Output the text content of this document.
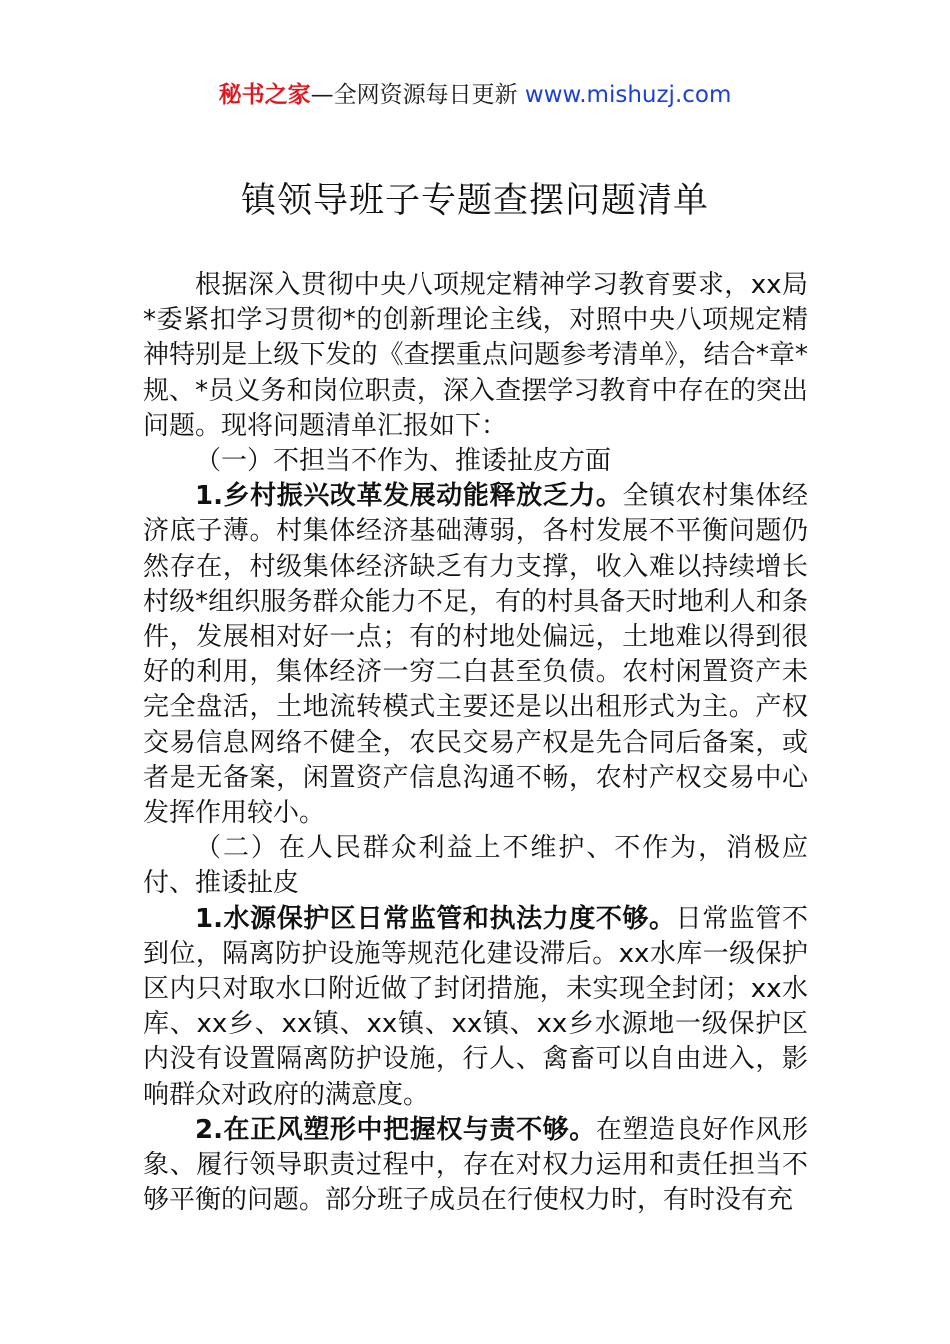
秘书之家—全网资源每日更新 www.mishuzj.com
镇领导班子专题查摆问题清单

根据深入贯彻中央八项规定精神学习教育要求，xx局*委紧扣学习贯彻*的创新理论主线，对照中央八项规定精神特别是上级下发的《查摆重点问题参考清单》，结合*章*规、*员义务和岗位职责，深入查摆学习教育中存在的突出问题。现将问题清单汇报如下：

（一）不担当不作为、推诿扯皮方面

1.乡村振兴改革发展动能释放乏力。全镇农村集体经济底子薄。村集体经济基础薄弱，各村发展不平衡问题仍然存在，村级集体经济缺乏有力支撑，收入难以持续增长村级*组织服务群众能力不足，有的村具备天时地利人和条件，发展相对好一点；有的村地处偏远，土地难以得到很好的利用，集体经济一穷二白甚至负债。农村闲置资产未完全盘活，土地流转模式主要还是以出租形式为主。产权交易信息网络不健全，农民交易产权是先合同后备案，或者是无备案，闲置资产信息沟通不畅，农村产权交易中心发挥作用较小。

（二）在人民群众利益上不维护、不作为，消极应付、推诿扯皮

1.水源保护区日常监管和执法力度不够。日常监管不到位，隔离防护设施等规范化建设滞后。xx水库一级保护区内只对取水口附近做了封闭措施，未实现全封闭；xx水库、xx乡、xx镇、xx镇、xx镇、xx乡水源地一级保护区内没有设置隔离防护设施，行人、禽畜可以自由进入，影响群众对政府的满意度。

2.在正风塑形中把握权与责不够。在塑造良好作风形象、履行领导职责过程中，存在对权力运用和责任担当不够平衡的问题。部分班子成员在行使权力时，有时没有充
